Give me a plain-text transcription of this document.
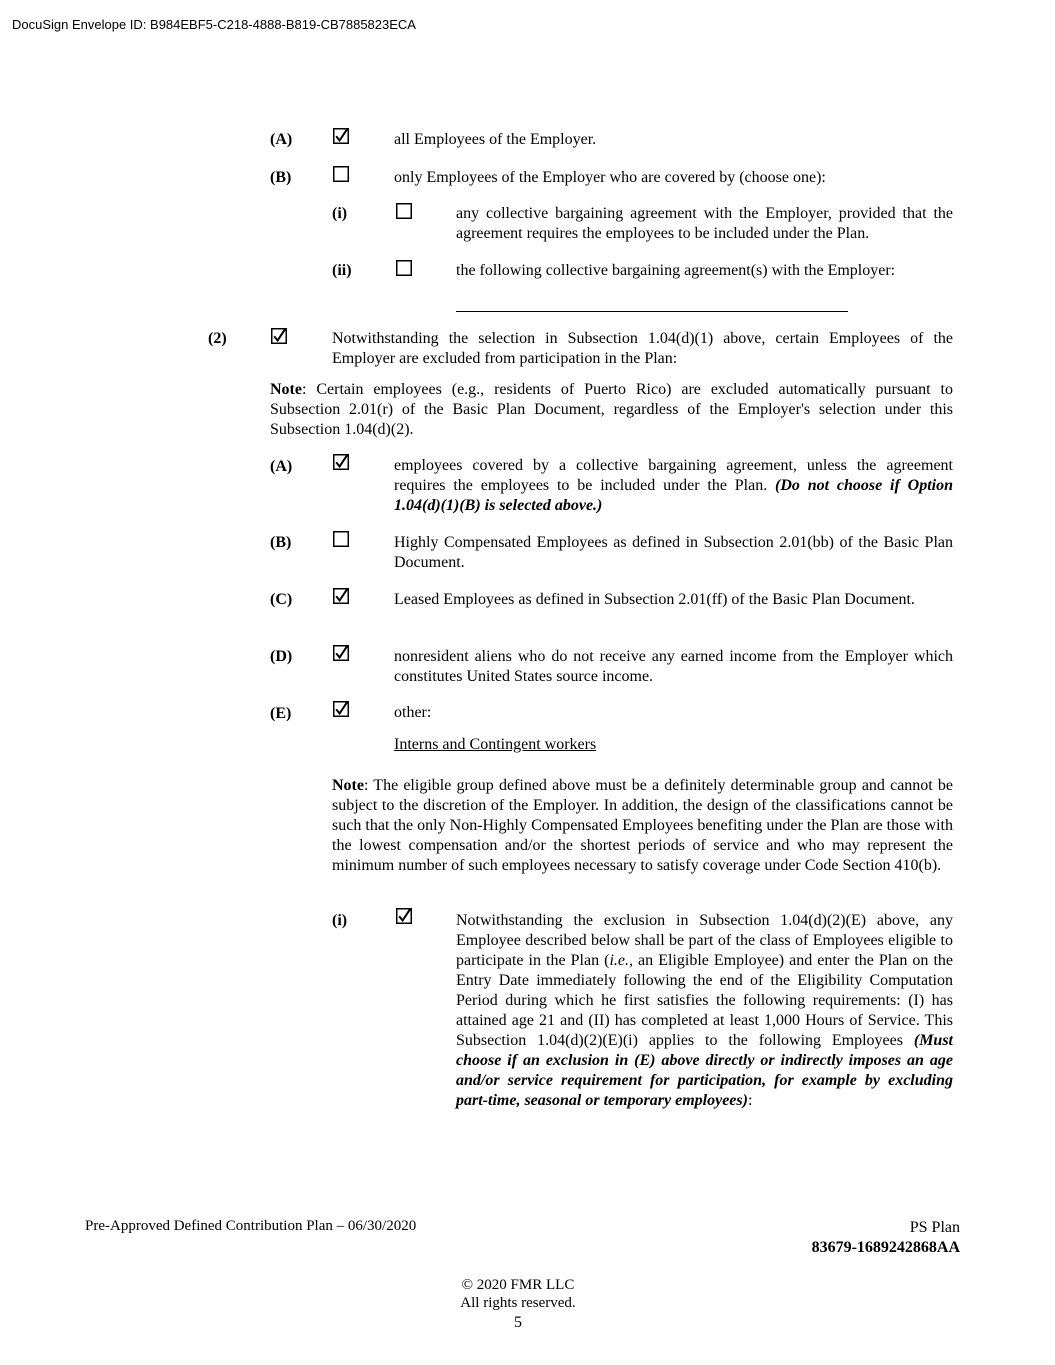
DocuSign Envelope ID: B984EBF5-C218-4888-B819-CB7885823ECA
(A)	all Employees of the Employer.
(B)	only Employees of the Employer who are covered by (choose one):
(i)	any collective bargaining agreement with the Employer, provided that the agreement requires the employees to be included under the Plan.
(ii)	the following collective bargaining agreement(s) with the Employer:
(2)	Notwithstanding the selection in Subsection 1.04(d)(1) above, certain Employees of the Employer are excluded from participation in the Plan:
Note: Certain employees (e.g., residents of Puerto Rico) are excluded automatically pursuant to Subsection 2.01(r) of the Basic Plan Document, regardless of the Employer's selection under this Subsection 1.04(d)(2).
(A)	employees covered by a collective bargaining agreement, unless the agreement requires the employees to be included under the Plan. (Do not choose if Option 1.04(d)(1)(B) is selected above.)
(B)	Highly Compensated Employees as defined in Subsection 2.01(bb) of the Basic Plan Document.
(C)	Leased Employees as defined in Subsection 2.01(ff) of the Basic Plan Document.
(D)	nonresident aliens who do not receive any earned income from the Employer which constitutes United States source income.
(E)	other:
Interns and Contingent workers
Note: The eligible group defined above must be a definitely determinable group and cannot be subject to the discretion of the Employer. In addition, the design of the classifications cannot be such that the only Non-Highly Compensated Employees benefiting under the Plan are those with the lowest compensation and/or the shortest periods of service and who may represent the minimum number of such employees necessary to satisfy coverage under Code Section 410(b).
(i)	Notwithstanding the exclusion in Subsection 1.04(d)(2)(E) above, any Employee described below shall be part of the class of Employees eligible to participate in the Plan (i.e., an Eligible Employee) and enter the Plan on the Entry Date immediately following the end of the Eligibility Computation Period during which he first satisfies the following requirements: (I) has attained age 21 and (II) has completed at least 1,000 Hours of Service. This Subsection 1.04(d)(2)(E)(i) applies to the following Employees (Must choose if an exclusion in (E) above directly or indirectly imposes an age and/or service requirement for participation, for example by excluding part-time, seasonal or temporary employees):
Pre-Approved Defined Contribution Plan – 06/30/2020	PS Plan
83679-1689242868AA
© 2020 FMR LLC
All rights reserved.
5
